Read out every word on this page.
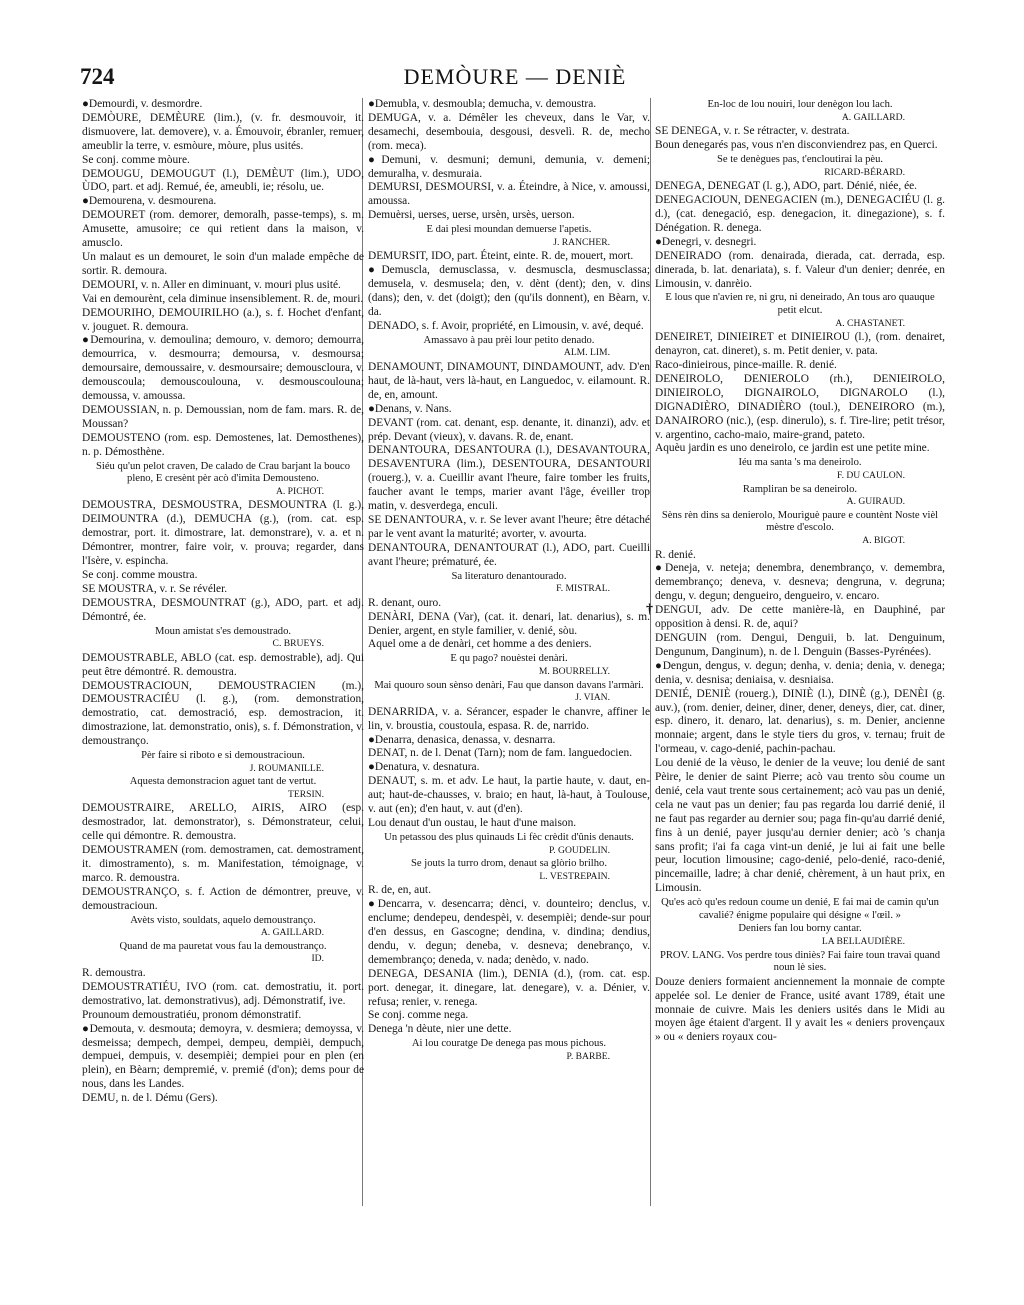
724	DEMÒURE — DENIÈ
†

●Demourdi, v. desmordre.

DEMÒURE, DEMÈURE (lim.), (v. fr. desmouvoir, it. dismuovere, lat. demovere), v. a. Émouvoir, ébranler, remuer, ameublir la terre, v. esmòure, mòure, plus usités.

Se conj. comme mòure.

DEMOUGU, DEMOUGUT (l.), DEMÈUT (lim.), UDO, ÙDO, part. et adj. Remué, ée, ameubli, ie; résolu, ue.

●Demourena, v. desmourena.

DEMOURET (rom. demorer, demoralh, passe-temps), s. m. Amusette, amusoire; ce qui retient dans la maison, v. amusclo.

Un malaut es un demouret, le soin d'un malade empêche de sortir. R. demoura.

DEMOURI, v. n. Aller en diminuant, v. mouri plus usité.

Vai en demourènt, cela diminue insensiblement. R. de, mouri.

DEMOURIHO, DEMOUIRILHO (a.), s. f. Hochet d'enfant, v. jouguet. R. demoura.

●Demourina, v. demoulina; demouro, v. demoro; demourra, demourrica, v. desmourra; demoursa, v. desmoursa; demoursaire, demoussaire, v. desmoursaire; demouscloura, v. demouscoula; demouscoulouna, v. desmouscoulouna; demoussa, v. amoussa.

DEMOUSSIAN, n. p. Demoussian, nom de fam. mars. R. de, Moussan?

DEMOUSTENO (rom. esp. Demostenes, lat. Demosthenes), n. p. Démosthène.

Siéu qu'un pelot craven, De calado de Crau barjant la bouco pleno, E cresènt pèr acò d'imita Demousteno.
A. PICHOT.

DEMOUSTRA, DESMOUSTRA, DESMOUNTRA (l. g.), DEIMOUNTRA (d.), DEMUCHA (g.), (rom. cat. esp. demostrar, port. it. dimostrare, lat. demonstrare), v. a. et n. Démontrer, montrer, faire voir, v. prouva; regarder, dans l'Isère, v. espincha.

Se conj. comme moustra.

SE MOUSTRA, v. r. Se révéler.

DEMOUSTRA, DESMOUNTRAT (g.), ADO, part. et adj. Démontré, ée.

Moun amistat s'es demoustrado.
C. BRUEYS.

DEMOUSTRABLE, ABLO (cat. esp. demostrable), adj. Qui peut être démontré. R. demoustra.

DEMOUSTRACIOUN, DEMOUSTRACIEN (m.), DEMOUSTRACIÉU (l. g.), (rom. demonstration, demostratio, cat. demostració, esp. demostracion, it. dimostrazione, lat. demonstratio, onis), s. f. Démonstration, v. demoustranço.

Pèr faire si riboto e si demoustracioun.
J. ROUMANILLE.
Aquesta demonstracion aguet tant de vertut.
TERSIN.

DEMOUSTRAIRE, ARELLO, AIRIS, AIRO (esp. desmostrador, lat. demonstrator), s. Démonstrateur, celui, celle qui démontre. R. demoustra.

DEMOUSTRAMEN (rom. demostramen, cat. demostrament, it. dimostramento), s. m. Manifestation, témoignage, v. marco. R. demoustra.

DEMOUSTRANÇO, s. f. Action de démontrer, preuve, v. demoustracioun.

Avèts visto, souldats, aquelo demoustranço.
A. GAILLARD.
Quand de ma pauretat vous fau la demoustranço.
ID.

R. demoustra.

DEMOUSTRATIÉU, IVO (rom. cat. demostratiu, it. port. demostrativo, lat. demonstrativus), adj. Démonstratif, ive.

Prounoum demoustratiéu, pronom démonstratif.

●Demouta, v. desmouta; demoyra, v. desmiera; demoyssa, v. desmeissa; dempech, dempei, dempeu, dempièi, dempuch, dempuei, dempuis, v. desempièi; dempiei pour en plen (en plein), en Bèarn; dempremié, v. premié (d'on); dems pour de nous, dans les Landes.

DEMU, n. de l. Dému (Gers).

●Demubla, v. desmoubla; demucha, v. demoustra.

DEMUGA, v. a. Démêler les cheveux, dans le Var, v. desamechi, desembouia, desgousi, desvelì. R. de, mecho (rom. meca).

●Demuni, v. desmuni; demuni, demunia, v. demeni; demuralha, v. desmuraia.

DEMURSI, DESMOURSI, v. a. Éteindre, à Nice, v. amoussi, amoussa.

Demuèrsi, uerses, uerse, ursèn, ursès, uerson.

E dai plesi moundan demuerse l'apetis.
J. RANCHER.

DEMURSIT, IDO, part. Éteint, einte. R. de, mouert, mort.

●Demuscla, demusclassa, v. desmuscla, desmusclassa; demusela, v. desmusela; den, v. dènt (dent); den, v. dins (dans); den, v. det (doigt); den (qu'ils donnent), en Bèarn, v. da.

DENADO, s. f. Avoir, propriété, en Limousin, v. avé, dequé.

Amassavo à pau prèi lour petito denado.
ALM. LIM.

DENAMOUNT, DINAMOUNT, DINDAMOUNT, adv. D'en haut, de là-haut, vers là-haut, en Languedoc, v. eilamount. R. de, en, amount.

●Denans, v. Nans.

DEVANT (rom. cat. denant, esp. denante, it. dinanzi), adv. et prép. Devant (vieux), v. davans. R. de, enant.

DENANTOURA, DESANTOURA (l.), DESAVANTOURA, DESAVENTURA (lim.), DESENTOURA, DESANTOURI (rouerg.), v. a. Cueillir avant l'heure, faire tomber les fruits, faucher avant le temps, marier avant l'âge, éveiller trop matin, v. desverdega, enculi.

SE DENANTOURA, v. r. Se lever avant l'heure; être détaché par le vent avant la maturité; avorter, v. avourta.

DENANTOURA, DENANTOURAT (l.), ADO, part. Cueilli avant l'heure; prématuré, ée.

Sa literaturo denantourado.
F. MISTRAL.

R. denant, ouro.

DENÀRI, DENA (Var), (cat. it. denari, lat. denarius), s. m. Denier, argent, en style familier, v. denié, sòu.

Aquel ome a de denàri, cet homme a des deniers.

E qu pago? nouèstei denàri.
M. BOURRELLY.
Mai quouro soun sènso denàri, Fau que danson davans l'armàri.
J. VIAN.

DENARRIDA, v. a. Sérancer, espader le chanvre, affiner le lin, v. broustia, coustoula, espasa. R. de, narrido.

●Denarra, denasica, denassa, v. desnarra.

DENAT, n. de l. Denat (Tarn); nom de fam. languedocien.

●Denatura, v. desnatura.

DENAUT, s. m. et adv. Le haut, la partie haute, v. daut, en-aut; haut-de-chausses, v. braio; en haut, là-haut, à Toulouse, v. aut (en); d'en haut, v. aut (d'en).

Lou denaut d'un oustau, le haut d'une maison.

Un petassou des plus quinauds Li fèc crèdit d'ûnis denauts.
P. GOUDELIN.
Se jouts la turro drom, denaut sa glòrio brilho.
L. VESTREPAIN.

R. de, en, aut.

●Dencarra, v. desencarra; dènci, v. dounteiro; denclus, v. enclume; dendepeu, dendespèi, v. desempièi; dende-sur pour d'en dessus, en Gascogne; dendina, v. dindina; dendius, dendu, v. degun; deneba, v. desneva; denebranço, v. demembranço; deneda, v. nada; denèdo, v. nado.

DENEGA, DESANIA (lim.), DENIA (d.), (rom. cat. esp. port. denegar, it. dinegare, lat. denegare), v. a. Dénier, v. refusa; renier, v. renega.

Se conj. comme nega.

Denega 'n dèute, nier une dette.

Ai lou couratge De denega pas mous pichous.
P. BARBE.
En-loc de lou nouiri, lour denègon lou lach.
A. GAILLARD.

SE DENEGA, v. r. Se rétracter, v. destrata.

Boun denegarés pas, vous n'en disconviendrez pas, en Querci.

Se te denègues pas, t'encloutirai la pèu.
RICARD-BÉRARD.

DENEGA, DENEGAT (l. g.), ADO, part. Dénié, niée, ée.

DENEGACIOUN, DENEGACIEN (m.), DENEGACIÉU (l. g. d.), (cat. denegació, esp. denegacion, it. dinegazione), s. f. Dénégation. R. denega.

●Denegri, v. desnegri.

DENEIRADO (rom. denairada, dierada, cat. derrada, esp. dinerada, b. lat. denariata), s. f. Valeur d'un denier; denrée, en Limousin, v. danrèio.

E lous que n'avien re, ni gru, ni deneirado, An tous aro quauque petit elcut.
A. CHASTANET.

DENEIRET, DINIEIRET et DINIEIROU (l.), (rom. denairet, denayron, cat. dineret), s. m. Petit denier, v. pata.

Raco-dinieirous, pince-maille. R. denié.

DENEIROLO, DENIEROLO (rh.), DENIEIROLO, DINIEIROLO, DIGNAIROLO, DIGNAROLO (l.), DIGNADIÈRO, DINADIÈRO (toul.), DENEIRORO (m.), DANAIRORO (nic.), (esp. dinerulo), s. f. Tire-lire; petit trésor, v. argentino, cacho-maio, maire-grand, pateto.

Aquèu jardin es uno deneirolo, ce jardin est une petite mine.

Iéu ma santa 's ma deneirolo.
F. DU CAULON.
Rampliran be sa deneirolo.
A. GUIRAUD.
Sèns rèn dins sa denierolo, Mourìguè paure e countènt Noste vièl mèstre d'escolo.
A. BIGOT.

R. denié.

●Deneja, v. neteja; denembra, denembranço, v. demembra, demembranço; deneva, v. desneva; dengruna, v. degruna; dengu, v. degun; dengueiro, dengueiro, v. encaro.

DENGUI, adv. De cette manière-là, en Dauphiné, par opposition à densi. R. de, aqui?

DENGUIN (rom. Dengui, Denguii, b. lat. Denguinum, Dengunum, Danginum), n. de l. Denguin (Basses-Pyrénées).

●Dengun, dengus, v. degun; denha, v. denia; denia, v. denega; denia, v. desnisa; deniaisa, v. desniaisa.

DENIÉ, DENIÈ (rouerg.), DINIÈ (l.), DINÈ (g.), DENÈI (g. auv.), (rom. denier, deiner, diner, dener, deneys, dier, cat. diner, esp. dinero, it. denaro, lat. denarius), s. m. Denier, ancienne monnaie; argent, dans le style tiers du gros, v. ternau; fruit de l'ormeau, v. cago-denié, pachin-pachau.

Lou denié de la vèuso, le denier de la veuve; lou denié de sant Pèire, le denier de saint Pierre; acò vau trento sòu coume un denié, cela vaut trente sous certainement; acò vau pas un denié, cela ne vaut pas un denier; fau pas regarda lou darrié denié, il ne faut pas regarder au dernier sou; paga fin-qu'au darrié denié, fins à un denié, payer jusqu'au dernier denier; acò 's chanja sans profit; i'ai fa caga vint-un denié, je lui ai fait une belle peur, locution limousine; cago-denié, pelo-denié, raco-denié, pincemaille, ladre; à char denié, chèrement, à un haut prix, en Limousin.

Qu'es acò qu'es redoun coume un denié, E fai mai de camin qu'un cavalié? énigme populaire qui désigne « l'œil. »
Deniers fan lou borny cantar.
LA BELLAUDIÈRE.
PROV. LANG. Vos perdre tous diniès? Fai faire toun travai quand noun lè sies.

Douze deniers formaient anciennement la monnaie de compte appelée sol. Le denier de France, usité avant 1789, était une monnaie de cuivre. Mais les deniers usités dans le Midi au moyen âge étaient d'argent. Il y avait les « deniers provençaux » ou « deniers royaux cou-
